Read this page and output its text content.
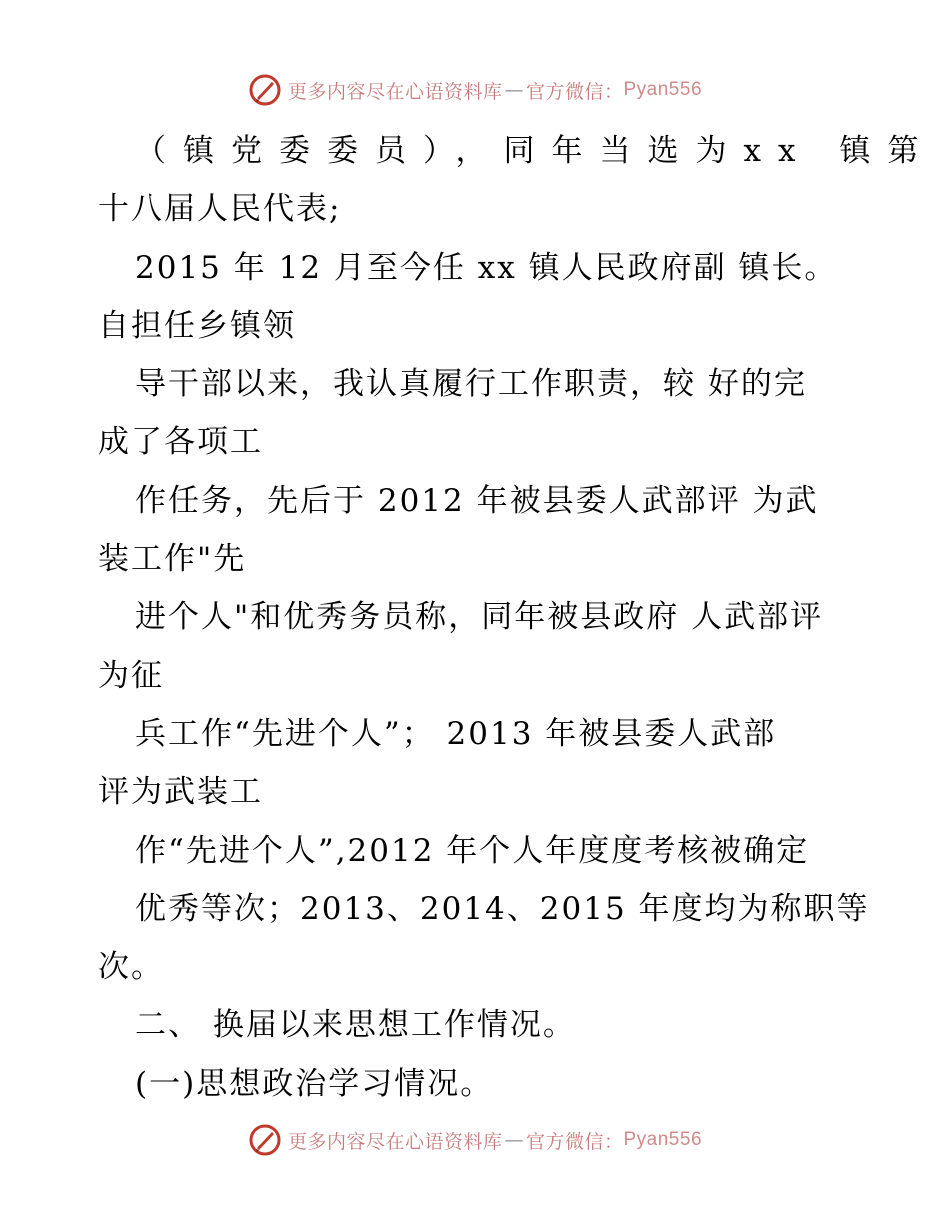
更多内容尽在心语资料库 — 官方微信： Pyan556
（镇党委委员），同年当选为xx 镇第
十八届人民代表;
2015 年 12 月至今任 xx 镇人民政府副 镇长。
自担任乡镇领
导干部以来，我认真履行工作职责，较 好的完
成了各项工
作任务，先后于 2012 年被县委人武部评 为武
装工作"先
进个人"和优秀务员称，同年被县政府 人武部评
为征
兵工作“先进个人”； 2013 年被县委人武部
评为武装工
作“先进个人”,2012 年个人年度度考核被确定
优秀等次；2013、2014、2015 年度均为称职等
次。
二、 换届以来思想工作情况。
(一)思想政治学习情况。
更多内容尽在心语资料库 — 官方微信： Pyan556
